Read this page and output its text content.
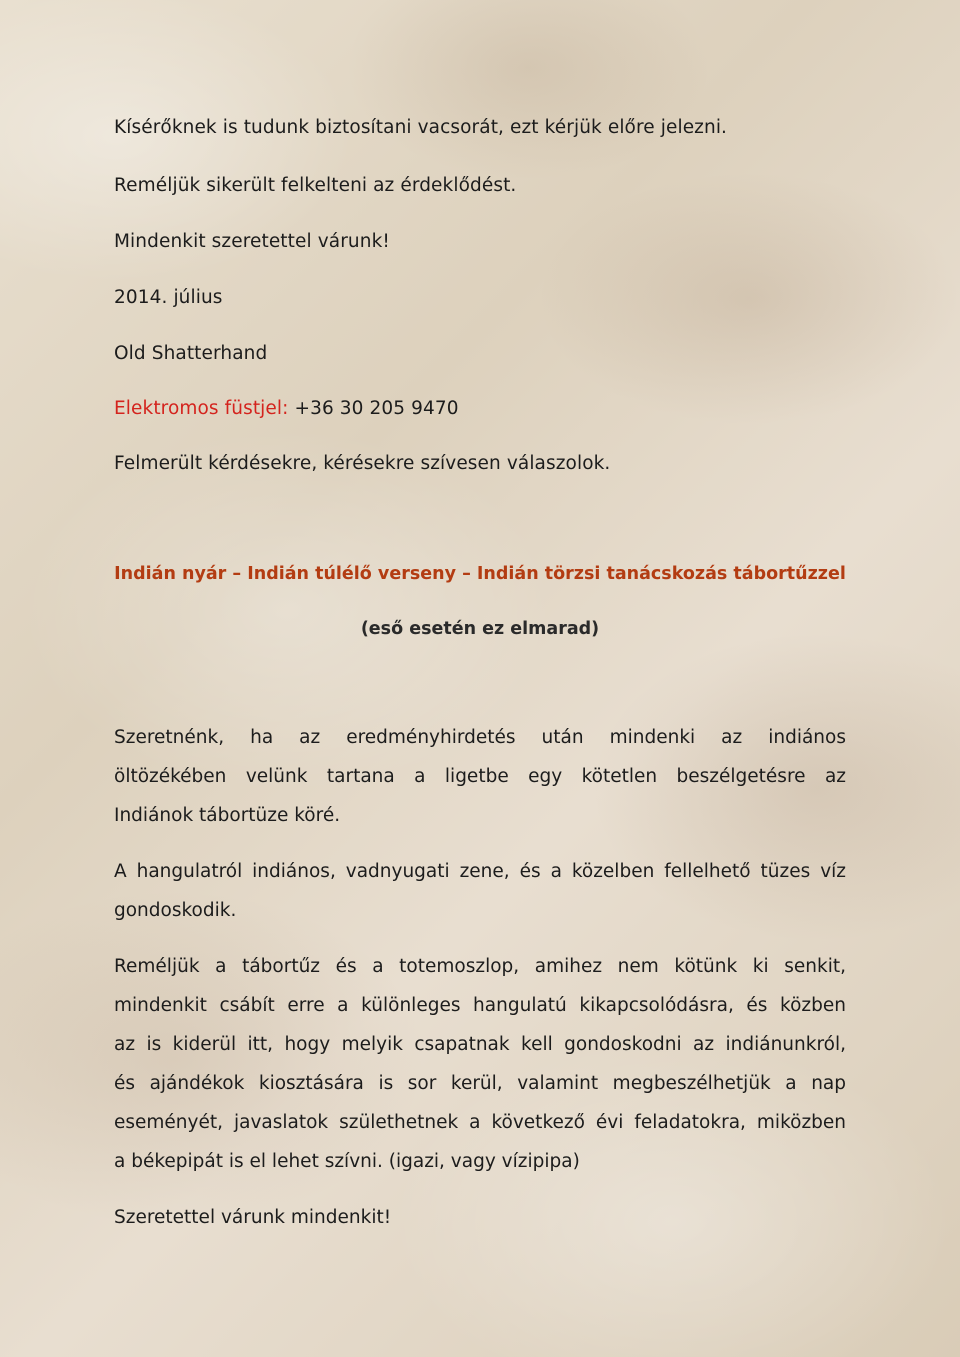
Kísérőknek is tudunk biztosítani vacsorát, ezt kérjük előre jelezni.
Reméljük sikerült felkelteni az érdeklődést.
Mindenkit szeretettel várunk!
2014. július
Old Shatterhand
Elektromos füstjel: +36 30 205 9470
Felmerült kérdésekre, kérésekre szívesen válaszolok.
Indián nyár – Indián túlélő verseny – Indián törzsi tanácskozás tábortűzzel
(eső esetén ez elmarad)
Szeretnénk, ha az eredményhirdetés után mindenki az indiános
öltözékében velünk tartana a ligetbe egy kötetlen beszélgetésre az
Indiánok tábortüze köré.
A hangulatról indiános, vadnyugati zene, és a közelben fellelhető tüzes víz
gondoskodik.
Reméljük a tábortűz és a totemoszlop, amihez nem kötünk ki senkit,
mindenkit csábít erre a különleges hangulatú kikapcsolódásra, és közben
az is kiderül itt, hogy melyik csapatnak kell gondoskodni az indiánunkról,
és ajándékok kiosztására is sor kerül, valamint megbeszélhetjük a nap
eseményét, javaslatok születhetnek a következő évi feladatokra, miközben
a békepipát is el lehet szívni. (igazi, vagy vízipipa)
Szeretettel várunk mindenkit!
